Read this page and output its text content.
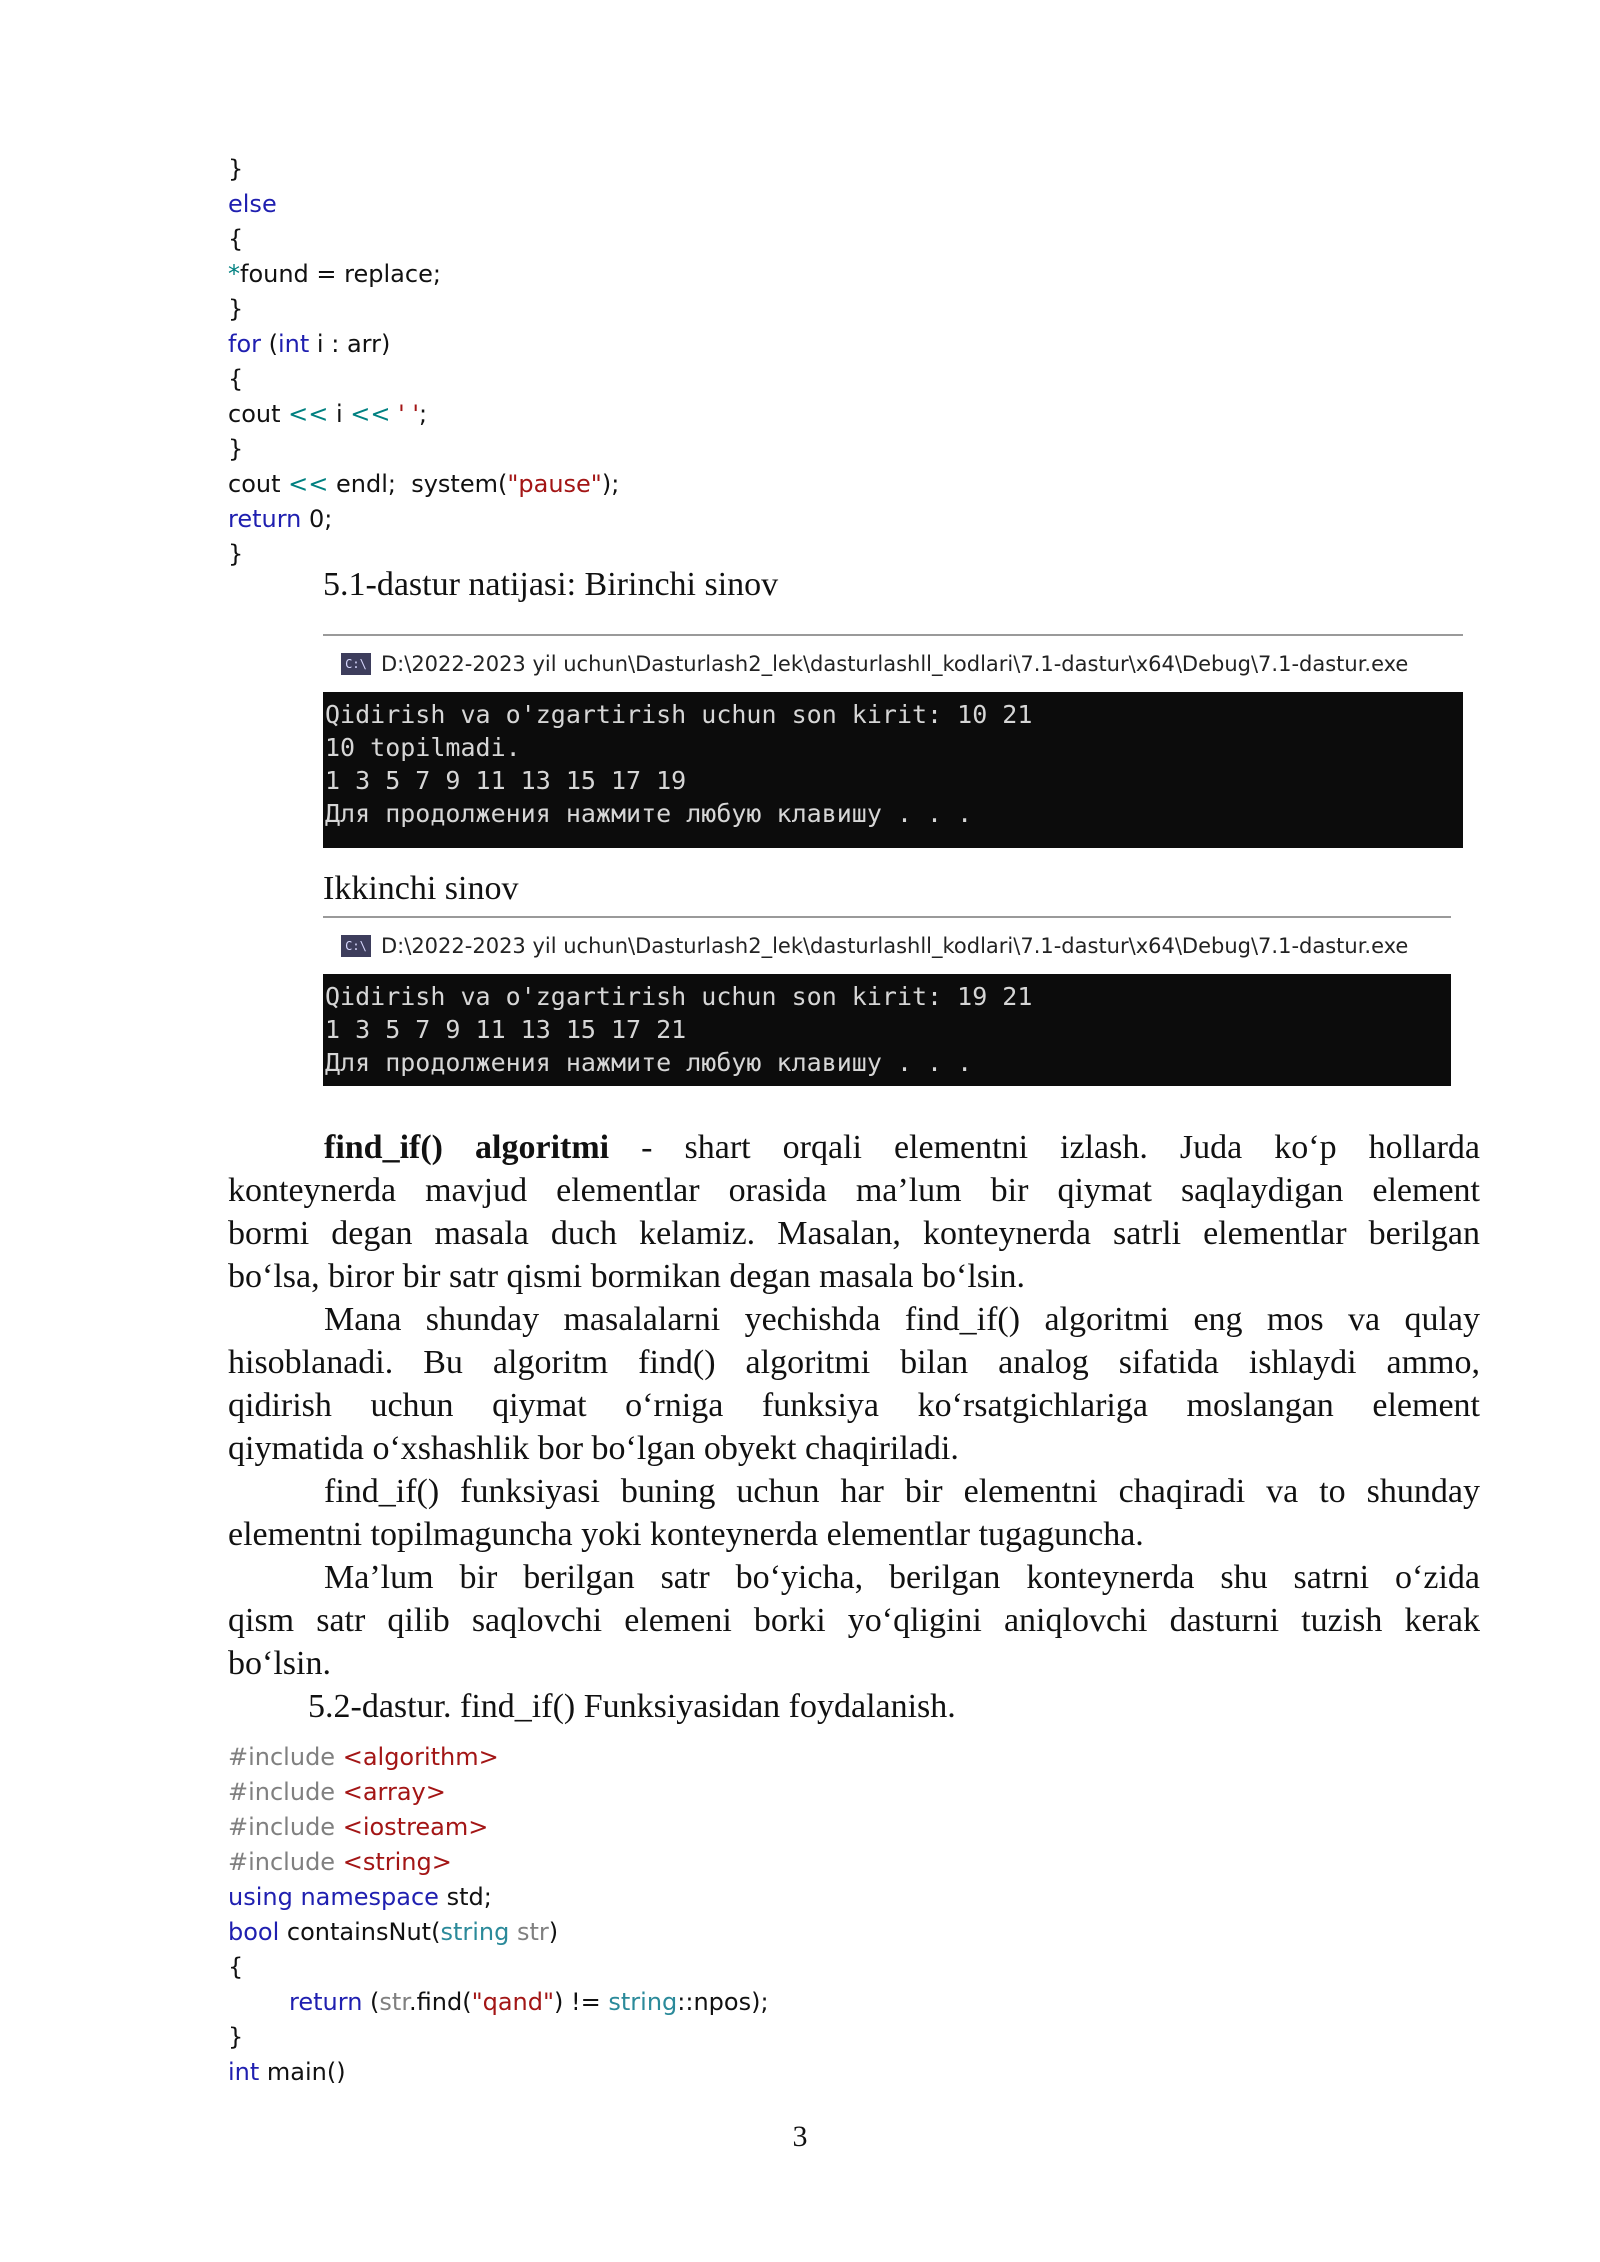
}
else
{
*found = replace;
}
for (int i : arr)
{
cout << i << ' ';
}
cout << endl;  system("pause");
return 0;
}
5.1-dastur natijasi: Birinchi sinov
C:\ D:\2022-2023 yil uchun\Dasturlash2_lek\dasturlashll_kodlari\7.1-dastur\x64\Debug\7.1-dastur.exe
Qidirish va o'zgartirish uchun son kirit: 10 21
10 topilmadi.
1 3 5 7 9 11 13 15 17 19
Для продолжения нажмите любую клавишу . . .
Ikkinchi sinov
C:\ D:\2022-2023 yil uchun\Dasturlash2_lek\dasturlashll_kodlari\7.1-dastur\x64\Debug\7.1-dastur.exe
Qidirish va o'zgartirish uchun son kirit: 19 21
1 3 5 7 9 11 13 15 17 21
Для продолжения нажмите любую клавишу . . .
find_if() algoritmi - shart orqali elementni izlash. Juda ko‘p hollarda
konteynerda mavjud elementlar orasida ma’lum bir qiymat saqlaydigan element
bormi degan masala duch kelamiz. Masalan, konteynerda satrli elementlar berilgan
bo‘lsa, biror bir satr qismi bormikan degan masala bo‘lsin.
Mana shunday masalalarni yechishda find_if() algoritmi eng mos va qulay
hisoblanadi. Bu algoritm find() algoritmi bilan analog sifatida ishlaydi ammo,
qidirish uchun qiymat o‘rniga funksiya ko‘rsatgichlariga moslangan element
qiymatida o‘xshashlik bor bo‘lgan obyekt chaqiriladi.
find_if() funksiyasi buning uchun har bir elementni chaqiradi va to shunday
elementni topilmaguncha yoki konteynerda elementlar tugaguncha.
Ma’lum bir berilgan satr bo‘yicha, berilgan konteynerda shu satrni o‘zida
qism satr qilib saqlovchi elemeni borki yo‘qligini aniqlovchi dasturni tuzish kerak
bo‘lsin.
5.2-dastur. find_if() Funksiyasidan foydalanish.
#include <algorithm>
#include <array>
#include <iostream>
#include <string>
using namespace std;
bool containsNut(string str)
{
return (str.find("qand") != string::npos);
}
int main()
3
